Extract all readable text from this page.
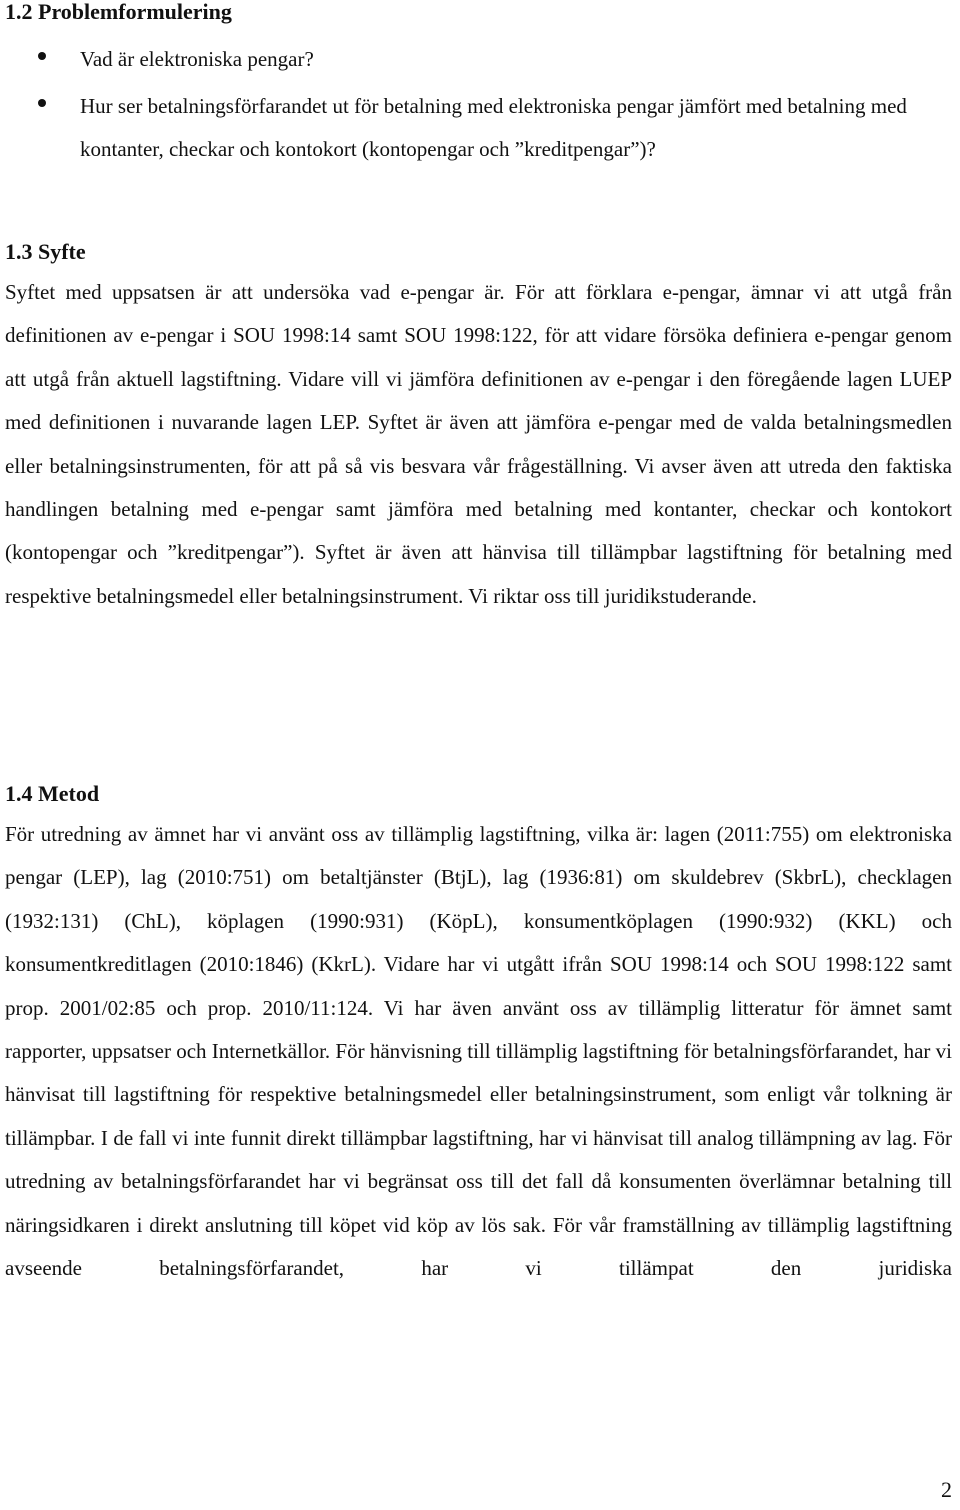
1.2 Problemformulering
Vad är elektroniska pengar?
Hur ser betalningsförfarandet ut för betalning med elektroniska pengar jämfört med betalning med kontanter, checkar och kontokort (kontopengar och ”kreditpengar”)?
1.3 Syfte

Syftet med uppsatsen är att undersöka vad e-pengar är. För att förklara e-pengar, ämnar vi att utgå från definitionen av e-pengar i SOU 1998:14 samt SOU 1998:122, för att vidare försöka definiera e-pengar genom att utgå från aktuell lagstiftning. Vidare vill vi jämföra definitionen av e-pengar i den föregående lagen LUEP med definitionen i nuvarande lagen LEP. Syftet är även att jämföra e-pengar med de valda betalningsmedlen eller betalningsinstrumenten, för att på så vis besvara vår frågeställning. Vi avser även att utreda den faktiska handlingen betalning med e-pengar samt jämföra med betalning med kontanter, checkar och kontokort (kontopengar och ”kreditpengar”). Syftet är även att hänvisa till tillämpbar lagstiftning för betalning med respektive betalningsmedel eller betalningsinstrument. Vi riktar oss till juridikstuderande.

1.4 Metod

För utredning av ämnet har vi använt oss av tillämplig lagstiftning, vilka är: lagen (2011:755) om elektroniska pengar (LEP), lag (2010:751) om betaltjänster (BtjL), lag (1936:81) om skuldebrev (SkbrL), checklagen (1932:131) (ChL), köplagen (1990:931) (KöpL), konsumentköplagen (1990:932) (KKL) och konsumentkreditlagen (2010:1846) (KkrL). Vidare har vi utgått ifrån SOU 1998:14 och SOU 1998:122 samt prop. 2001/02:85 och prop. 2010/11:124. Vi har även använt oss av tillämplig litteratur för ämnet samt rapporter, uppsatser och Internetkällor. För hänvisning till tillämplig lagstiftning för betalningsförfarandet, har vi hänvisat till lagstiftning för respektive betalningsmedel eller betalningsinstrument, som enligt vår tolkning är tillämpbar. I de fall vi inte funnit direkt tillämpbar lagstiftning, har vi hänvisat till analog tillämpning av lag. För utredning av betalningsförfarandet har vi begränsat oss till det fall då konsumenten överlämnar betalning till näringsidkaren i direkt anslutning till köpet vid köp av lös sak. För vår framställning av tillämplig lagstiftning avseende betalningsförfarandet, har vi tillämpat den juridiska

2
